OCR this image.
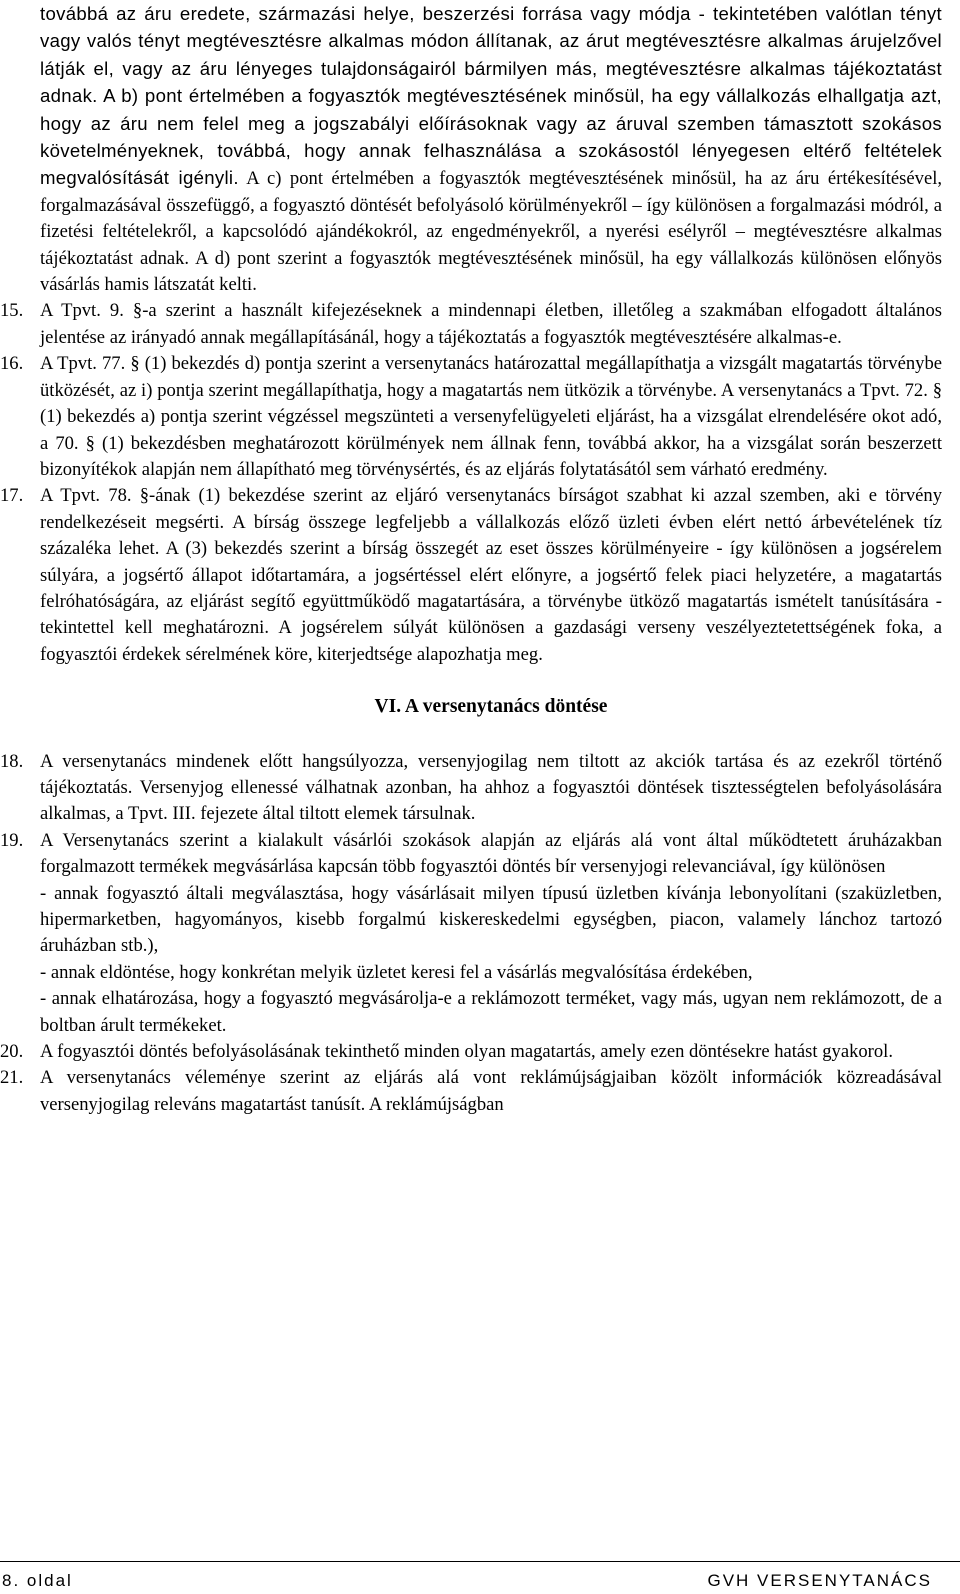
továbbá az áru eredete, származási helye, beszerzési forrása vagy módja - tekintetében valótlan tényt vagy valós tényt megtévesztésre alkalmas módon állítanak, az árut megtévesztésre alkalmas árujelzővel látják el, vagy az áru lényeges tulajdonságairól bármilyen más, megtévesztésre alkalmas tájékoztatást adnak. A b) pont értelmében a fogyasztók megtévesztésének minősül, ha egy vállalkozás elhallgatja azt, hogy az áru nem felel meg a jogszabályi előírásoknak vagy az áruval szemben támasztott szokásos követelményeknek, továbbá, hogy annak felhasználása a szokásostól lényegesen eltérő feltételek megvalósítását igényli. A c) pont értelmében a fogyasztók megtévesztésének minősül, ha az áru értékesítésével, forgalmazásával összefüggő, a fogyasztó döntését befolyásoló körülményekről – így különösen a forgalmazási módról, a fizetési feltételekről, a kapcsolódó ajándékokról, az engedményekről, a nyerési esélyről – megtévesztésre alkalmas tájékoztatást adnak. A d) pont szerint a fogyasztók megtévesztésének minősül, ha egy vállalkozás különösen előnyös vásárlás hamis látszatát kelti.

15. A Tpvt. 9. §-a szerint a használt kifejezéseknek a mindennapi életben, illetőleg a szakmában elfogadott általános jelentése az irányadó annak megállapításánál, hogy a tájékoztatás a fogyasztók megtévesztésére alkalmas-e.
16. A Tpvt. 77. § (1) bekezdés d) pontja szerint a versenytanács határozattal megállapíthatja a vizsgált magatartás törvénybe ütközését, az i) pontja szerint megállapíthatja, hogy a magatartás nem ütközik a törvénybe. A versenytanács a Tpvt. 72. § (1) bekezdés a) pontja szerint végzéssel megszünteti a versenyfelügyeleti eljárást, ha a vizsgálat elrendelésére okot adó, a 70. § (1) bekezdésben meghatározott körülmények nem állnak fenn, továbbá akkor, ha a vizsgálat során beszerzett bizonyítékok alapján nem állapítható meg törvénysértés, és az eljárás folytatásától sem várható eredmény.
17. A Tpvt. 78. §-ának (1) bekezdése szerint az eljáró versenytanács bírságot szabhat ki azzal szemben, aki e törvény rendelkezéseit megsérti. A bírság összege legfeljebb a vállalkozás előző üzleti évben elért nettó árbevételének tíz százaléka lehet. A (3) bekezdés szerint a bírság összegét az eset összes körülményeire - így különösen a jogsérelem súlyára, a jogsértő állapot időtartamára, a jogsértéssel elért előnyre, a jogsértő felek piaci helyzetére, a magatartás felróhatóságára, az eljárást segítő együttműködő magatartására, a törvénybe ütköző magatartás ismételt tanúsítására - tekintettel kell meghatározni. A jogsérelem súlyát különösen a gazdasági verseny veszélyeztetettségének foka, a fogyasztói érdekek sérelmének köre, kiterjedtsége alapozhatja meg.
VI. A versenytanács döntése
18. A versenytanács mindenek előtt hangsúlyozza, versenyjogilag nem tiltott az akciók tartása és az ezekről történő tájékoztatás. Versenyjog ellenessé válhatnak azonban, ha ahhoz a fogyasztói döntések tisztességtelen befolyásolására alkalmas, a Tpvt. III. fejezete által tiltott elemek társulnak.
19. A Versenytanács szerint a kialakult vásárlói szokások alapján az eljárás alá vont által működtetett áruházakban forgalmazott termékek megvásárlása kapcsán több fogyasztói döntés bír versenyjogi relevanciával, így különösen

- annak fogyasztó általi megválasztása, hogy vásárlásait milyen típusú üzletben kívánja lebonyolítani (szaküzletben, hipermarketben, hagyományos, kisebb forgalmú kiskereskedelmi egységben, piacon, valamely lánchoz tartozó áruházban stb.),

- annak eldöntése, hogy konkrétan melyik üzletet keresi fel a vásárlás megvalósítása érdekében,

- annak elhatározása, hogy a fogyasztó megvásárolja-e a reklámozott terméket, vagy más, ugyan nem reklámozott, de a boltban árult termékeket.

20. A fogyasztói döntés befolyásolásának tekinthető minden olyan magatartás, amely ezen döntésekre hatást gyakorol.
21. A versenytanács véleménye szerint az eljárás alá vont reklámújságjaiban közölt információk közreadásával versenyjogilag releváns magatartást tanúsít. A reklámújságban
8. oldal	GVH VERSENYTANÁCS
